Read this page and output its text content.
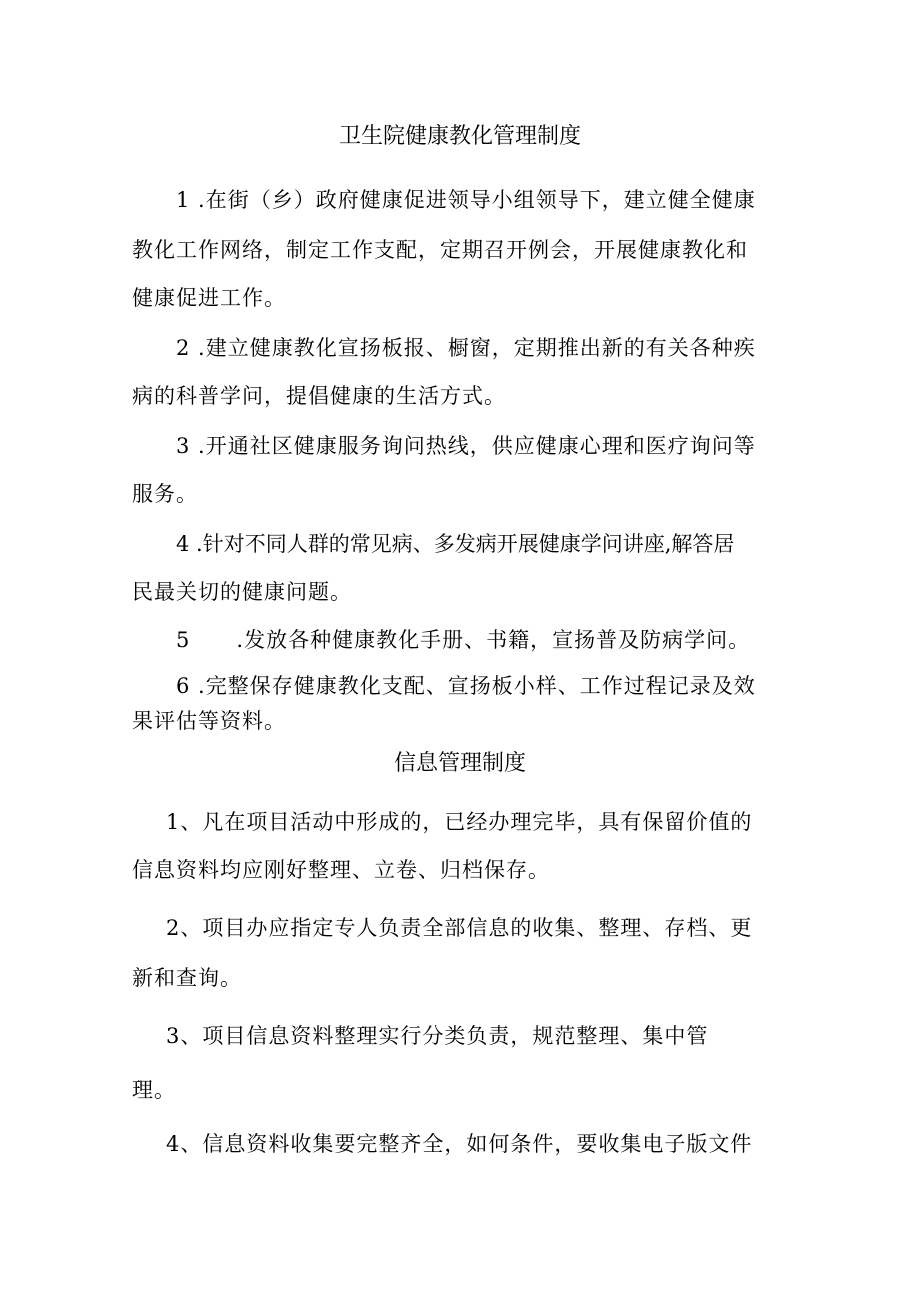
卫生院健康教化管理制度
1 .在街（乡）政府健康促进领导小组领导下，建立健全健康
教化工作网络，制定工作支配，定期召开例会，开展健康教化和
健康促进工作。
2 .建立健康教化宣扬板报、橱窗，定期推出新的有关各种疾
病的科普学问，提倡健康的生活方式。
3 .开通社区健康服务询问热线，供应健康心理和医疗询问等
服务。
4 .针对不同人群的常见病、多发病开展健康学问讲座,解答居
民最关切的健康问题。
5      .发放各种健康教化手册、书籍，宣扬普及防病学问。
6 .完整保存健康教化支配、宣扬板小样、工作过程记录及效
果评估等资料。
信息管理制度
1、凡在项目活动中形成的，已经办理完毕，具有保留价值的
信息资料均应刚好整理、立卷、归档保存。
2、项目办应指定专人负责全部信息的收集、整理、存档、更
新和查询。
3、项目信息资料整理实行分类负责，规范整理、集中管
理。
4、信息资料收集要完整齐全，如何条件，要收集电子版文件
